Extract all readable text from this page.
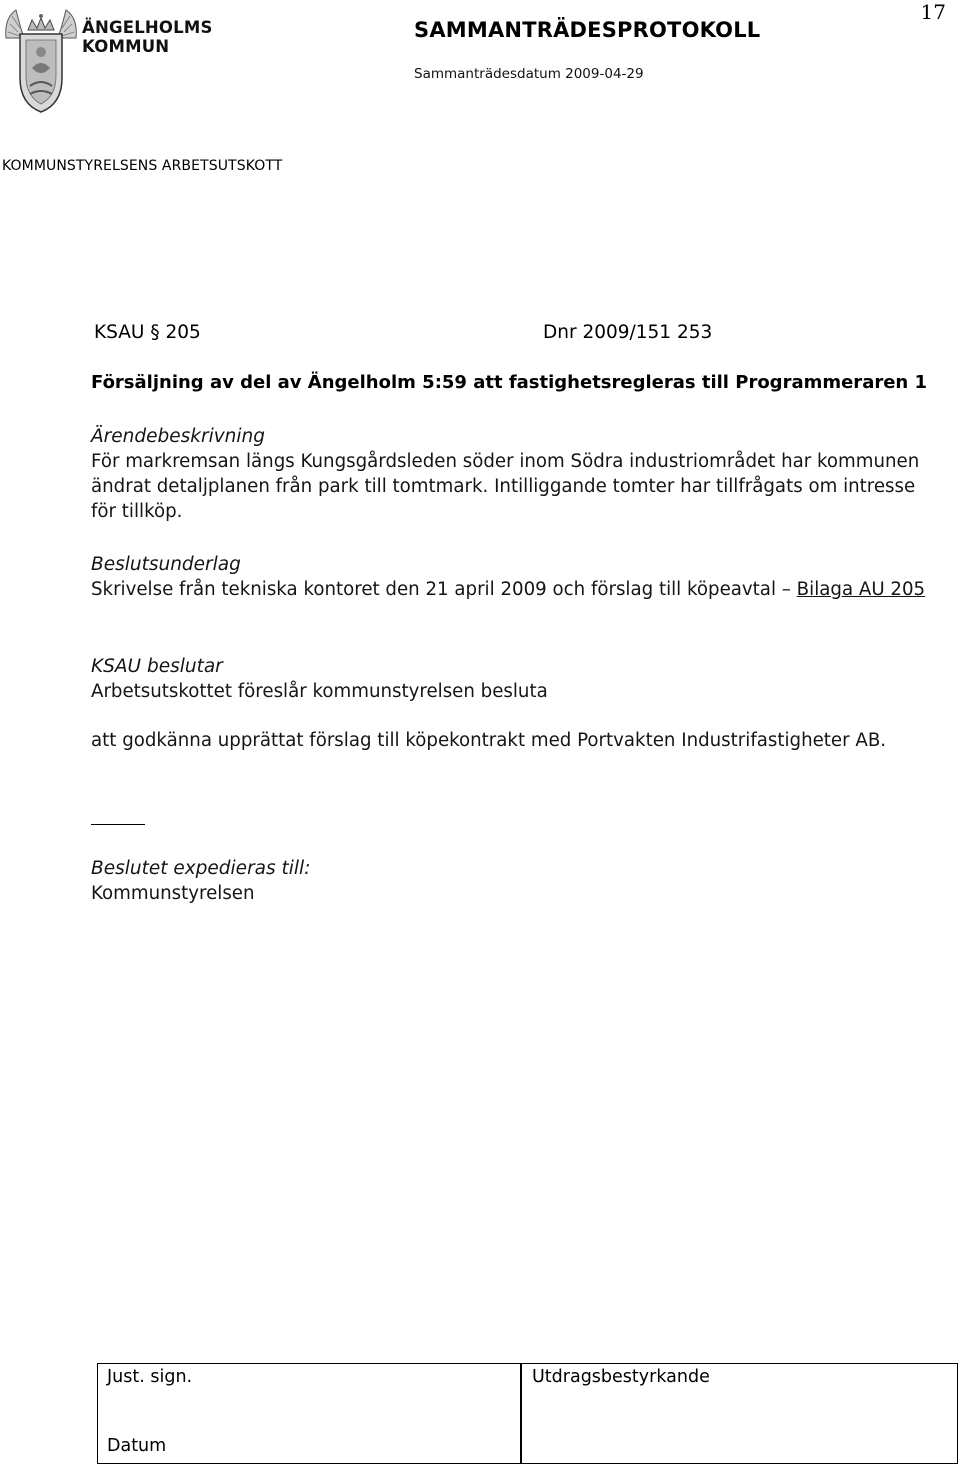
ÄNGELHOLMS
KOMMUN
SAMMANTRÄDESPROTOKOLL
Sammanträdesdatum 2009-04-29
17
KOMMUNSTYRELSENS ARBETSUTSKOTT
KSAU § 205	Dnr 2009/151 253
Försäljning av del av Ängelholm 5:59 att fastighetsregleras till Programmeraren 1
Ärendebeskrivning
För markremsan längs Kungsgårdsleden söder inom Södra industriområdet har kommunen ändrat detaljplanen från park till tomtmark. Intilliggande tomter har tillfrågats om intresse för tillköp.
Beslutsunderlag
Skrivelse från tekniska kontoret den 21 april 2009 och förslag till köpeavtal – Bilaga AU 205
KSAU beslutar
Arbetsutskottet föreslår kommunstyrelsen besluta
att godkänna upprättat förslag till köpekontrakt med Portvakten Industrifastigheter AB.
Beslutet expedieras till:
Kommunstyrelsen
Just. sign.	Utdragsbestyrkande
Datum
